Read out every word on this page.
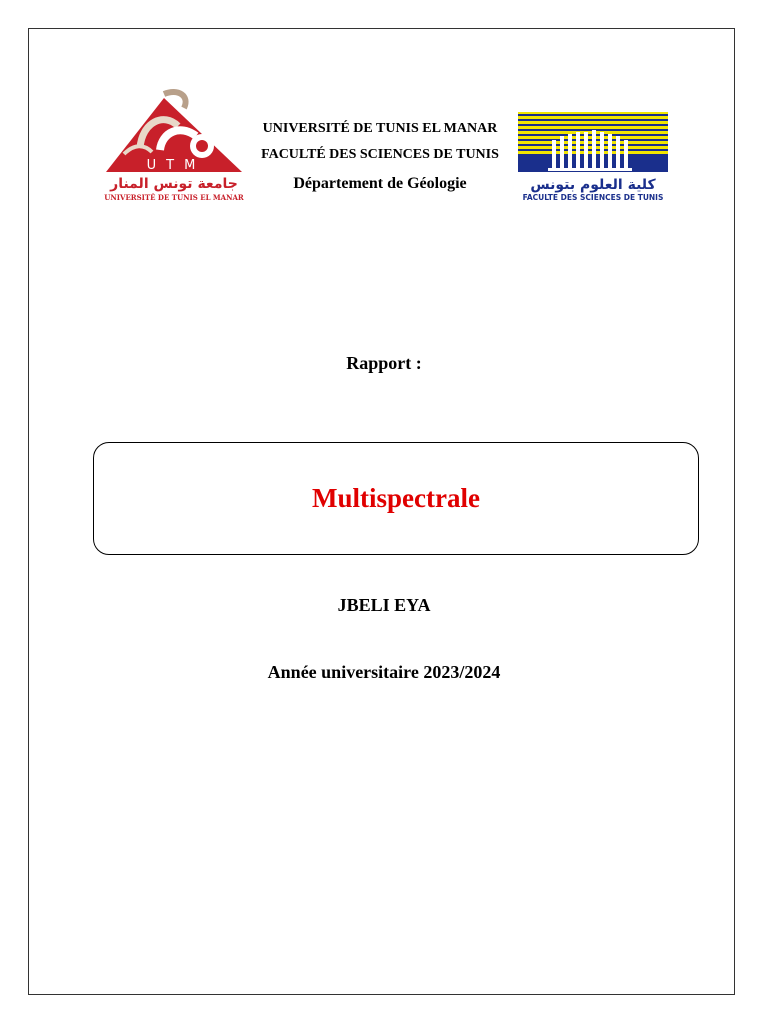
UTM
جامعة تونس المنار
UNIVERSITÉ DE TUNIS EL MANAR
UNIVERSITÉ DE TUNIS EL MANAR
FACULTÉ DES SCIENCES DE TUNIS
Département de Géologie	كلية العلوم بتونس
FACULTE DES SCIENCES DE TUNIS
Rapport :
Multispectrale
JBELI EYA
Année universitaire 2023/2024
